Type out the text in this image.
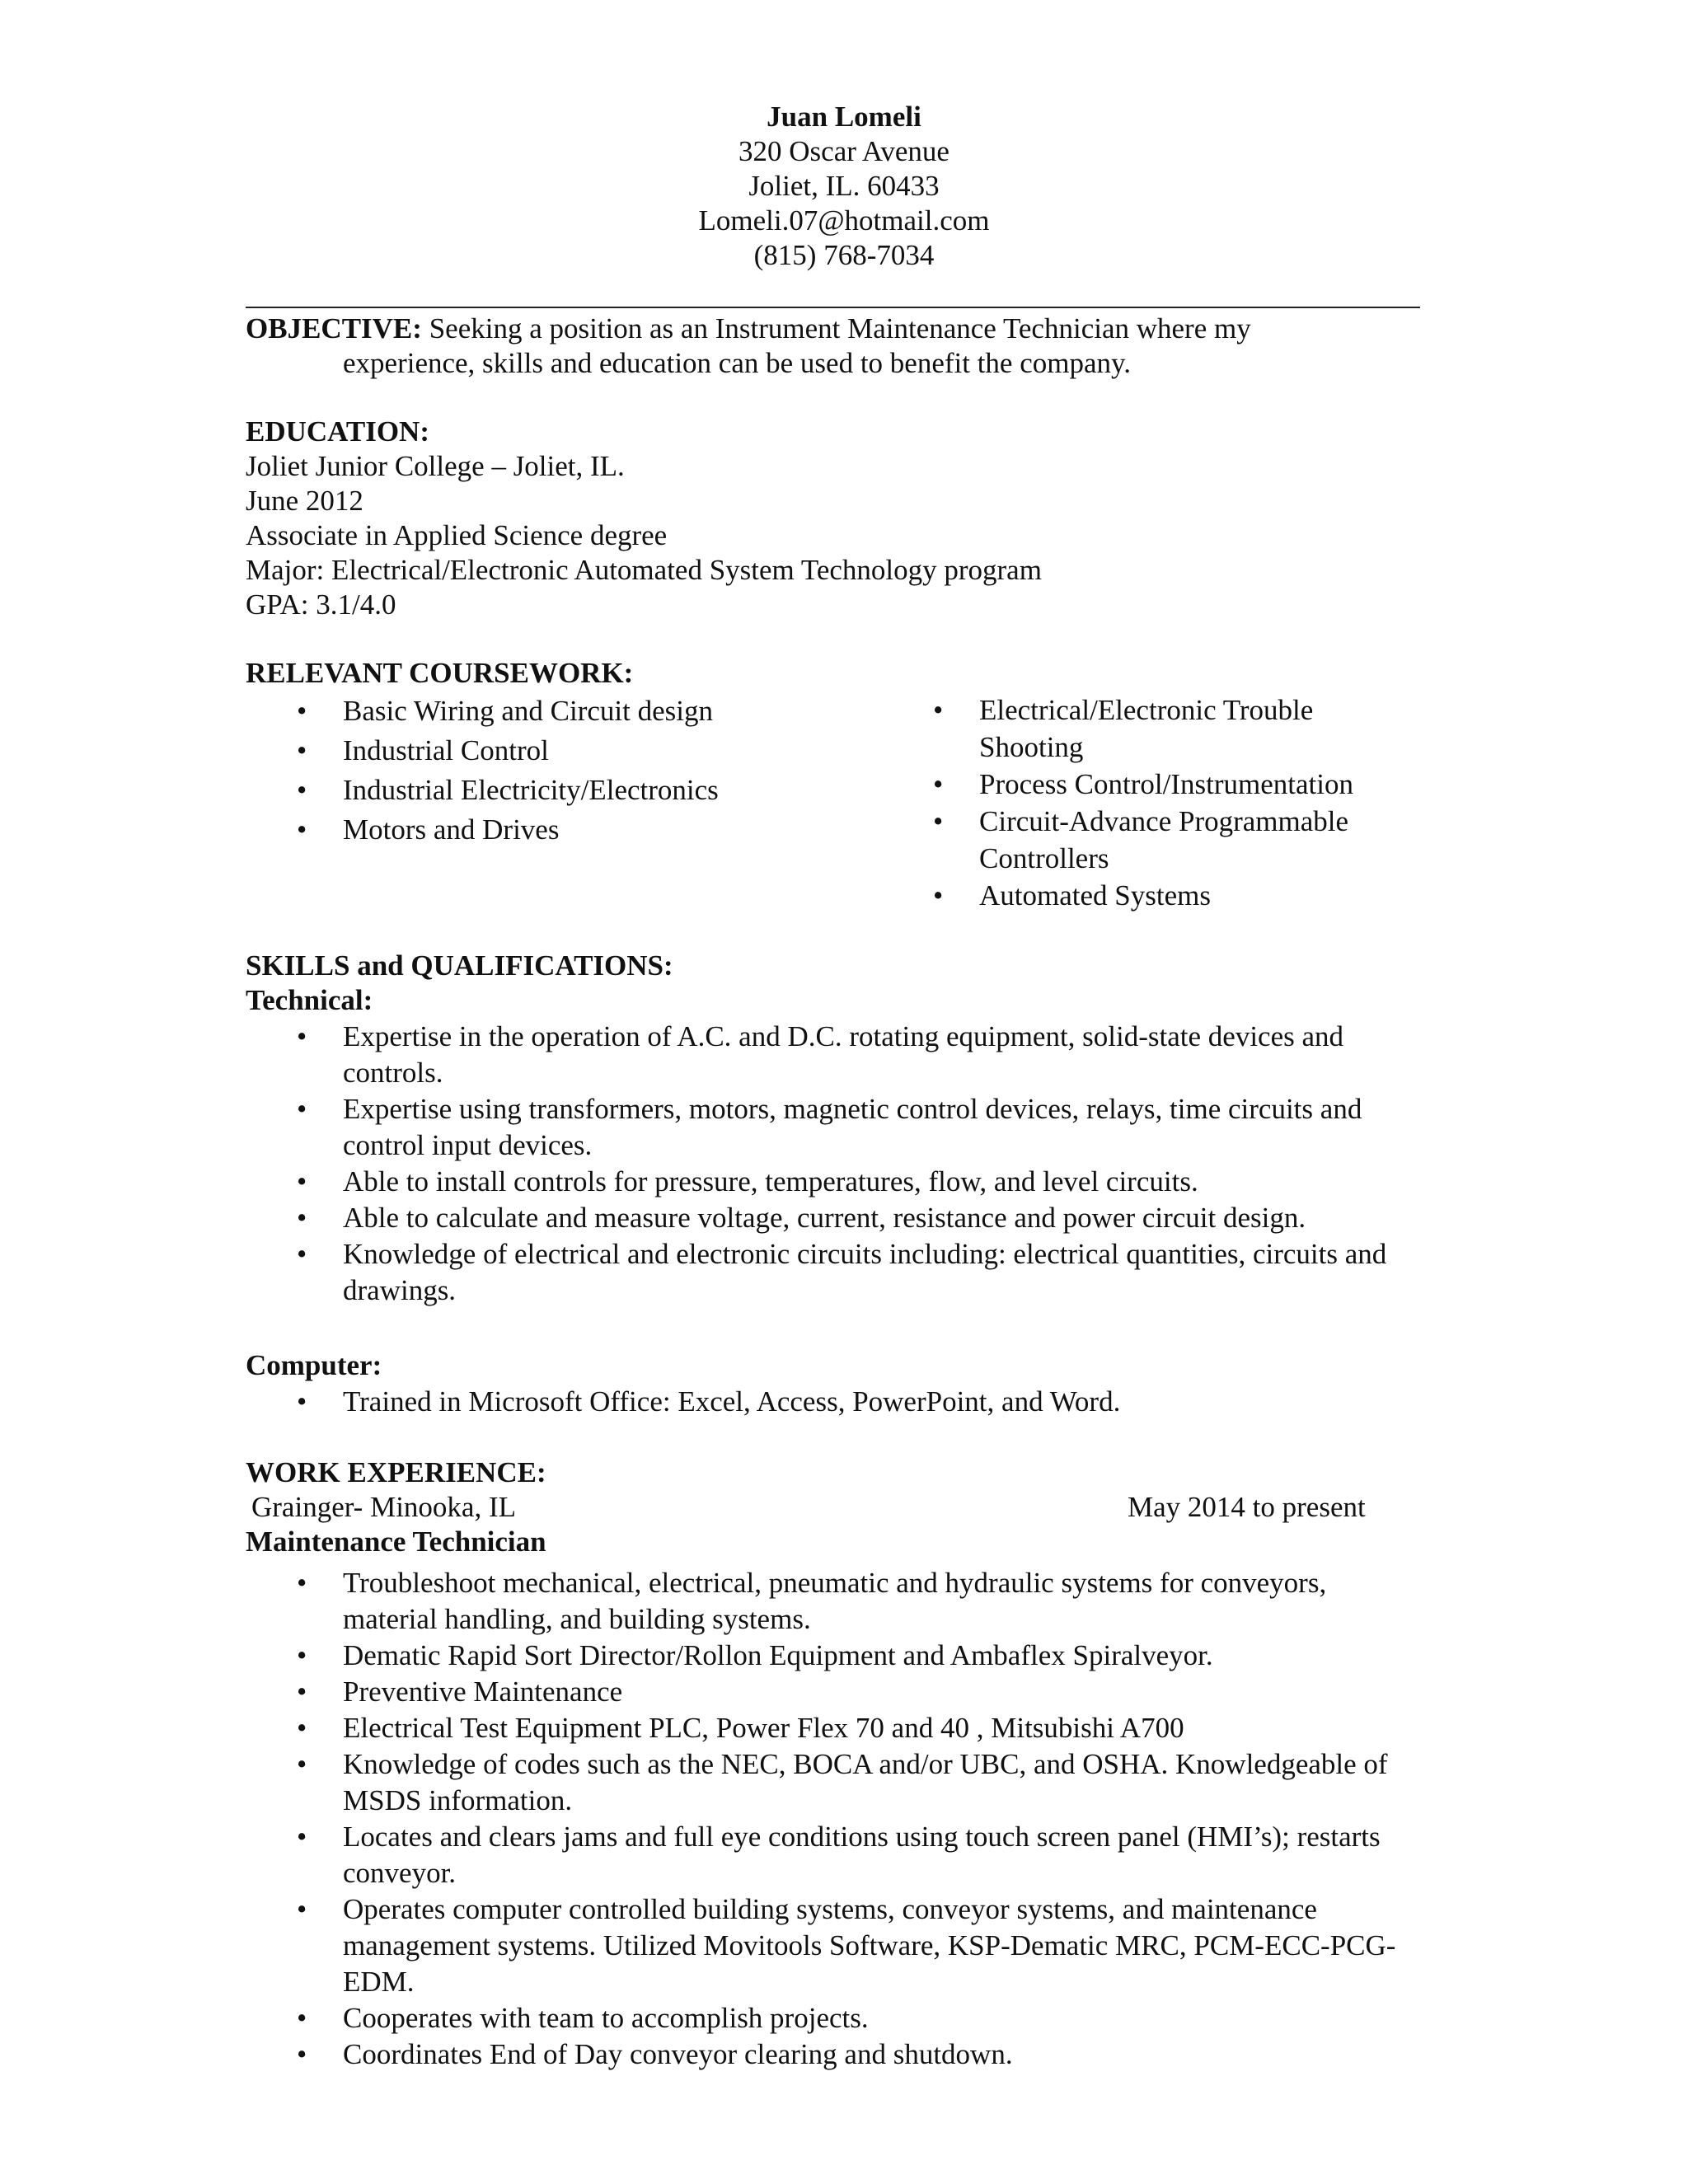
Juan Lomeli
320 Oscar Avenue
Joliet, IL. 60433
Lomeli.07@hotmail.com
(815) 768-7034
OBJECTIVE: Seeking a position as an Instrument Maintenance Technician where my
experience, skills and education can be used to benefit the company.
EDUCATION:
Joliet Junior College – Joliet, IL.
June 2012
Associate in Applied Science degree
Major: Electrical/Electronic Automated System Technology program
GPA: 3.1/4.0
RELEVANT COURSEWORK:
• Basic Wiring and Circuit design
• Industrial Control
• Industrial Electricity/Electronics
• Motors and Drives
• Electrical/Electronic Trouble Shooting
• Process Control/Instrumentation
• Circuit-Advance Programmable Controllers
• Automated Systems
SKILLS and QUALIFICATIONS:
Technical:
• Expertise in the operation of A.C. and D.C. rotating equipment, solid-state devices and controls.
• Expertise using transformers, motors, magnetic control devices, relays, time circuits and control input devices.
• Able to install controls for pressure, temperatures, flow, and level circuits.
• Able to calculate and measure voltage, current, resistance and power circuit design.
• Knowledge of electrical and electronic circuits including: electrical quantities, circuits and drawings.
Computer:
• Trained in Microsoft Office: Excel, Access, PowerPoint, and Word.
WORK EXPERIENCE:
Grainger- Minooka, IL	May 2014 to present
Maintenance Technician
• Troubleshoot mechanical, electrical, pneumatic and hydraulic systems for conveyors, material handling, and building systems.
• Dematic Rapid Sort Director/Rollon Equipment and Ambaflex Spiralveyor.
• Preventive Maintenance
• Electrical Test Equipment PLC, Power Flex 70 and 40 , Mitsubishi A700
• Knowledge of codes such as the NEC, BOCA and/or UBC, and OSHA. Knowledgeable of MSDS information.
• Locates and clears jams and full eye conditions using touch screen panel (HMI’s); restarts conveyor.
• Operates computer controlled building systems, conveyor systems, and maintenance management systems. Utilized Movitools Software, KSP-Dematic MRC, PCM-ECC-PCG-EDM.
• Cooperates with team to accomplish projects.
• Coordinates End of Day conveyor clearing and shutdown.
